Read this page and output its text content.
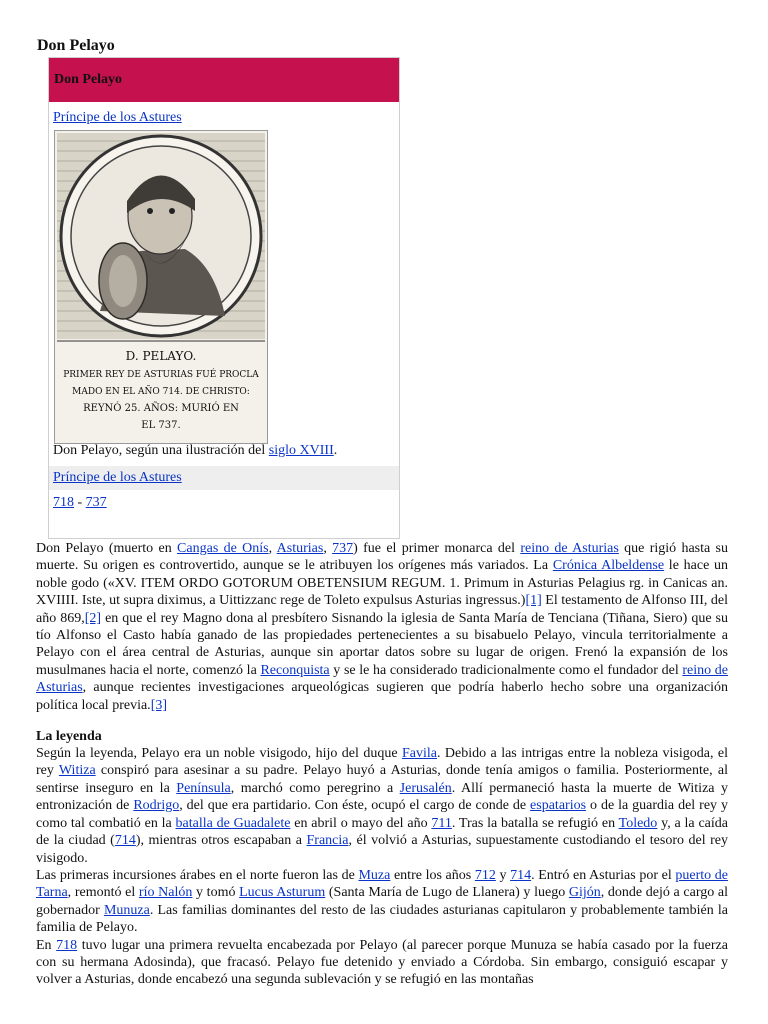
Don Pelayo
Don Pelayo
Príncipe de los Astures
D. PELAYO.
PRIMER REY DE ASTURIAS FUÉ PROCLA
MADO EN EL AÑO 714. DE CHRISTO:
REYNÓ 25. AÑOS: MURIÓ EN
EL 737.
Don Pelayo, según una ilustración del siglo XVIII.
Príncipe de los Astures
718 - 737

Don Pelayo (muerto en Cangas de Onís, Asturias, 737) fue el primer monarca del reino de Asturias que rigió hasta su muerte. Su origen es controvertido, aunque se le atribuyen los orígenes más variados. La Crónica Albeldense le hace un noble godo («XV. ITEM ORDO GOTORUM OBETENSIUM REGUM. 1. Primum in Asturias Pelagius rg. in Canicas an. XVIIII. Iste, ut supra diximus, a Uittizzanc rege de Toleto expulsus Asturias ingressus.)[1] El testamento de Alfonso III, del año 869,[2] en que el rey Magno dona al presbítero Sisnando la iglesia de Santa María de Tenciana (Tiñana, Siero) que su tío Alfonso el Casto había ganado de las propiedades pertenecientes a su bisabuelo Pelayo, vincula territorialmente a Pelayo con el área central de Asturias, aunque sin aportar datos sobre su lugar de origen. Frenó la expansión de los musulmanes hacia el norte, comenzó la Reconquista y se le ha considerado tradicionalmente como el fundador del reino de Asturias, aunque recientes investigaciones arqueológicas sugieren que podría haberlo hecho sobre una organización política local previa.[3]

La leyenda

Según la leyenda, Pelayo era un noble visigodo, hijo del duque Favila. Debido a las intrigas entre la nobleza visigoda, el rey Witiza conspiró para asesinar a su padre. Pelayo huyó a Asturias, donde tenía amigos o familia. Posteriormente, al sentirse inseguro en la Península, marchó como peregrino a Jerusalén. Allí permaneció hasta la muerte de Witiza y entronización de Rodrigo, del que era partidario. Con éste, ocupó el cargo de conde de espatarios o de la guardia del rey y como tal combatió en la batalla de Guadalete en abril o mayo del año 711. Tras la batalla se refugió en Toledo y, a la caída de la ciudad (714), mientras otros escapaban a Francia, él volvió a Asturias, supuestamente custodiando el tesoro del rey visigodo.

Las primeras incursiones árabes en el norte fueron las de Muza entre los años 712 y 714. Entró en Asturias por el puerto de Tarna, remontó el río Nalón y tomó Lucus Asturum (Santa María de Lugo de Llanera) y luego Gijón, donde dejó a cargo al gobernador Munuza. Las familias dominantes del resto de las ciudades asturianas capitularon y probablemente también la familia de Pelayo.

En 718 tuvo lugar una primera revuelta encabezada por Pelayo (al parecer porque Munuza se había casado por la fuerza con su hermana Adosinda), que fracasó. Pelayo fue detenido y enviado a Córdoba. Sin embargo, consiguió escapar y volver a Asturias, donde encabezó una segunda sublevación y se refugió en las montañas
